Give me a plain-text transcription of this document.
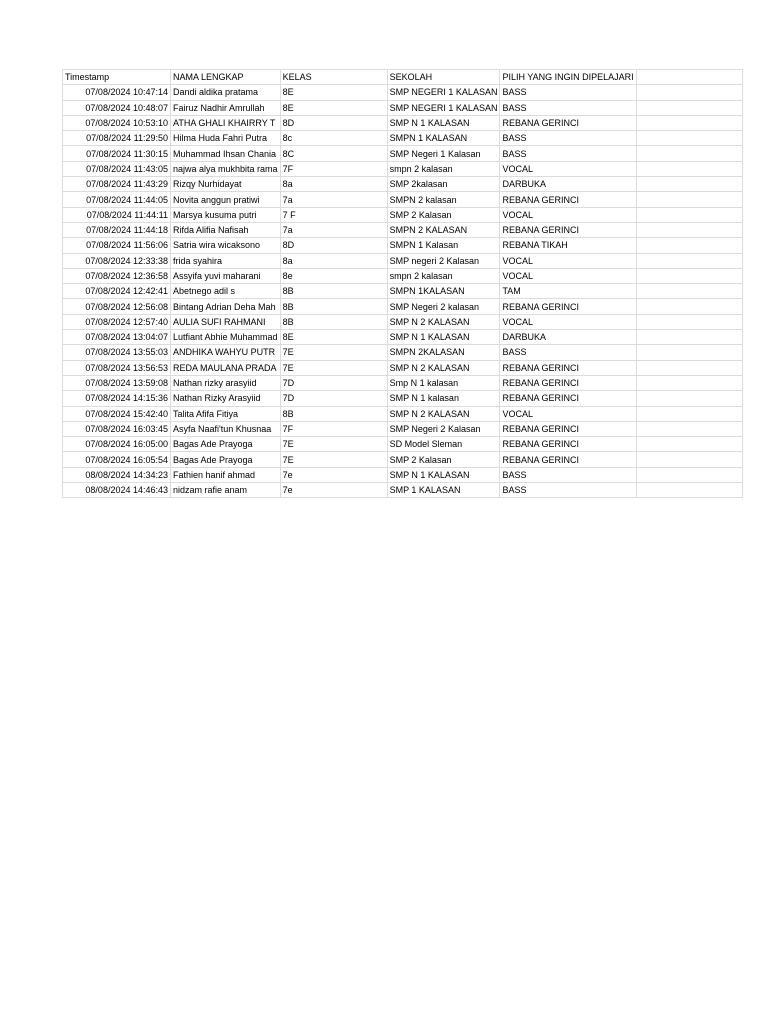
Timestamp	NAMA LENGKAP	KELAS	SEKOLAH	PILIH YANG INGIN DIPELAJARI	
07/08/2024 10:47:14	Dandi aldika pratama	8E	SMP NEGERI 1 KALASAN	BASS	
07/08/2024 10:48:07	Fairuz Nadhir Amrullah	8E	SMP NEGERI 1 KALASAN	BASS	
07/08/2024 10:53:10	ATHA GHALI KHAIRRY T	8D	SMP N 1 KALASAN	REBANA GERINCI	
07/08/2024 11:29:50	Hilma Huda Fahri Putra	8c	SMPN 1 KALASAN	BASS	
07/08/2024 11:30:15	Muhammad Ihsan Chania	8C	SMP Negeri 1 Kalasan	BASS	
07/08/2024 11:43:05	najwa alya mukhbita rama	7F	smpn 2 kalasan	VOCAL	
07/08/2024 11:43:29	Rizqy Nurhidayat	8a	SMP 2kalasan	DARBUKA	
07/08/2024 11:44:05	Novita anggun pratiwi	7a	SMPN 2 kalasan	REBANA GERINCI	
07/08/2024 11:44:11	Marsya kusuma putri	7 F	SMP 2 Kalasan	VOCAL	
07/08/2024 11:44:18	Rifda Alifia Nafisah	7a	SMPN 2 KALASAN	REBANA GERINCI	
07/08/2024 11:56:06	Satria wira wicaksono	8D	SMPN 1 Kalasan	REBANA TIKAH	
07/08/2024 12:33:38	frida syahira	8a	SMP negeri 2 Kalasan	VOCAL	
07/08/2024 12:36:58	Assyifa yuvi maharani	8e	smpn 2 kalasan	VOCAL	
07/08/2024 12:42:41	Abetnego adil s	8B	SMPN 1KALASAN	TAM	
07/08/2024 12:56:08	Bintang Adrian Deha Mah	8B	SMP Negeri 2 kalasan	REBANA GERINCI	
07/08/2024 12:57:40	AULIA SUFI RAHMANI	8B	SMP N 2 KALASAN	VOCAL	
07/08/2024 13:04:07	Lutfiant Abhie Muhammad	8E	SMP N 1 KALASAN	DARBUKA	
07/08/2024 13:55:03	ANDHIKA WAHYU PUTR	7E	SMPN 2KALASAN	BASS	
07/08/2024 13:56:53	REDA MAULANA PRADA	7E	SMP N 2 KALASAN	REBANA GERINCI	
07/08/2024 13:59:08	Nathan rizky arasyiid	7D	Smp N 1 kalasan	REBANA GERINCI	
07/08/2024 14:15:36	Nathan Rizky Arasyiid	7D	SMP N 1 kalasan	REBANA GERINCI	
07/08/2024 15:42:40	Talita Afifa Fitiya	8B	SMP N 2 KALASAN	VOCAL	
07/08/2024 16:03:45	Asyfa Naafi'tun Khusnaa	7F	SMP Negeri 2 Kalasan	REBANA GERINCI	
07/08/2024 16:05:00	Bagas Ade Prayoga	7E	SD Model Sleman	REBANA GERINCI	
07/08/2024 16:05:54	Bagas Ade Prayoga	7E	SMP 2 Kalasan	REBANA GERINCI	
08/08/2024 14:34:23	Fathien hanif ahmad	7e	SMP N 1 KALASAN	BASS	
08/08/2024 14:46:43	nidzam rafie anam	7e	SMP 1 KALASAN	BASS	
